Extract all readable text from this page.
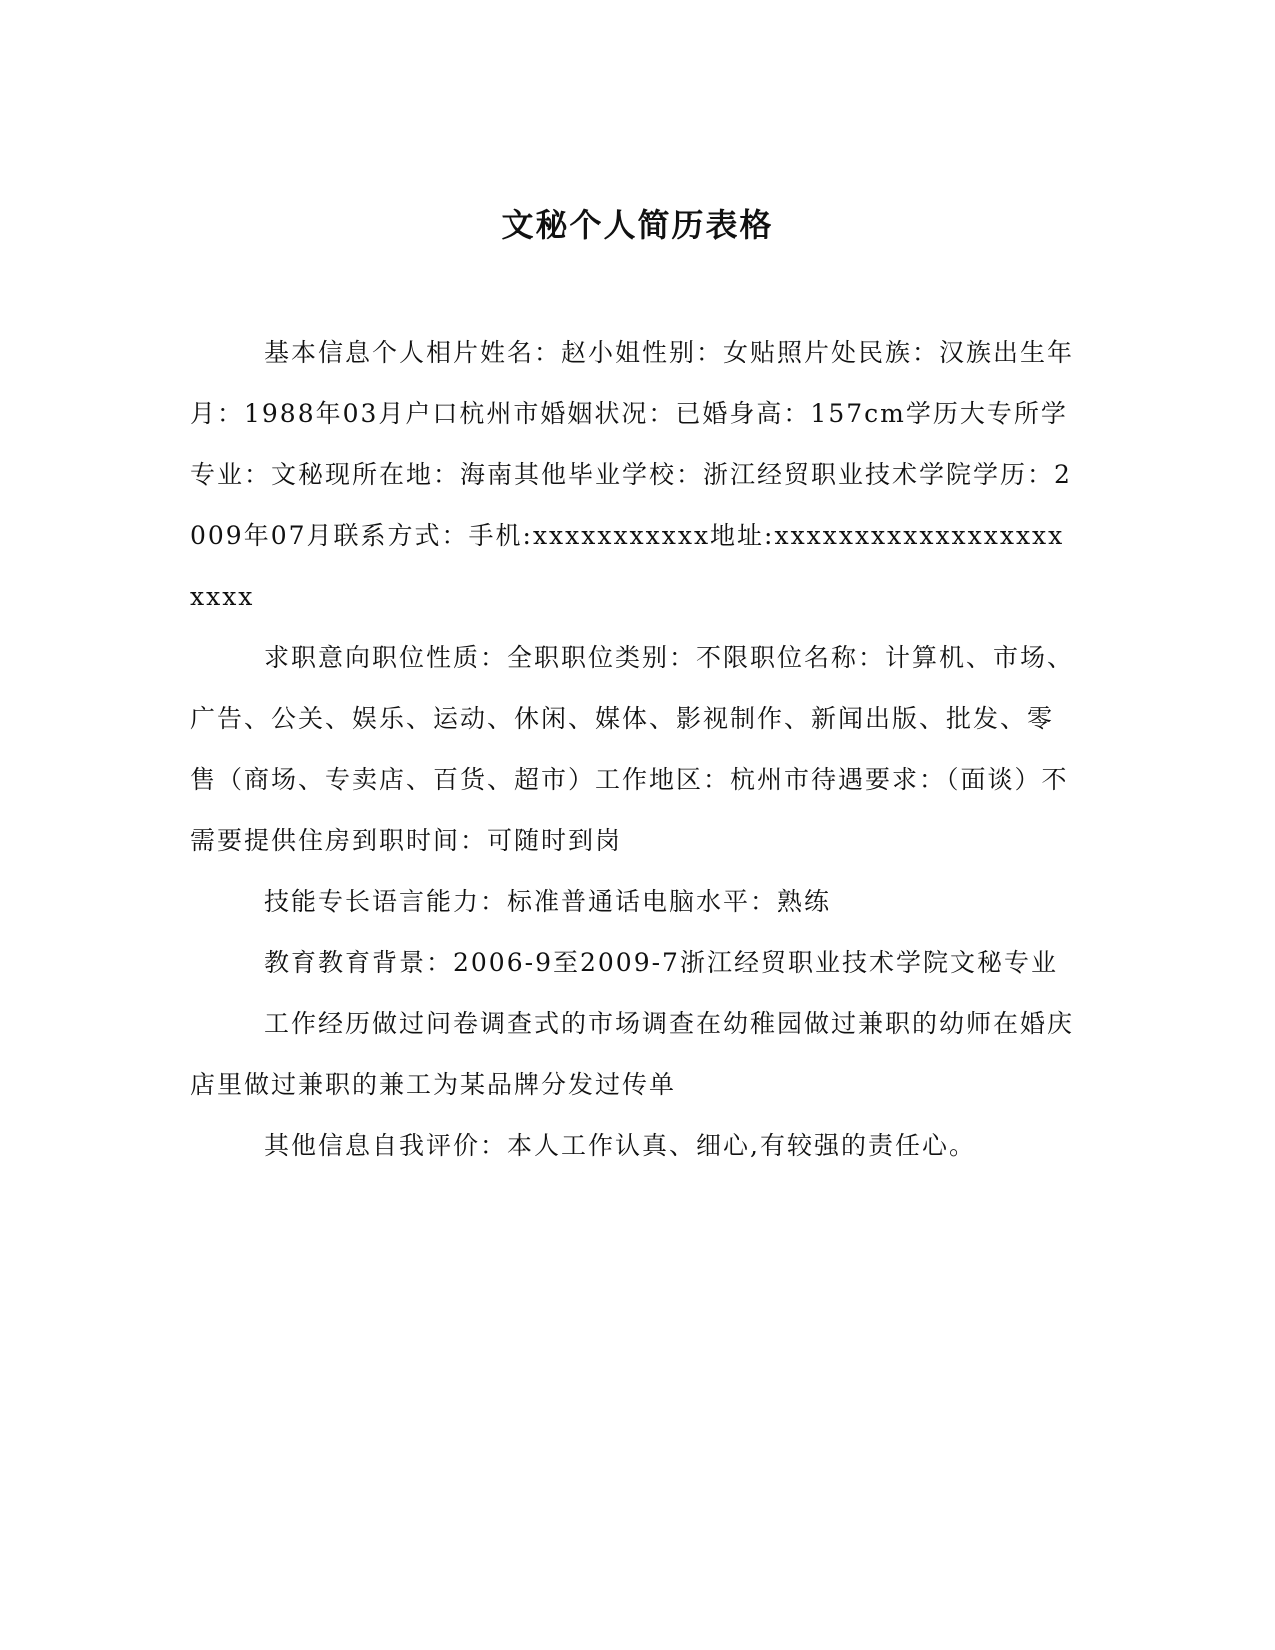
文秘个人简历表格

基本信息个人相片姓名：赵小姐性别：女贴照片处民族：汉族出生年月：1988年03月户口杭州市婚姻状况：已婚身高：157cm学历大专所学专业：文秘现所在地：海南其他毕业学校：浙江经贸职业技术学院学历：2009年07月联系方式：手机:xxxxxxxxxxx地址:xxxxxxxxxxxxxxxxxxxxxx

求职意向职位性质：全职职位类别：不限职位名称：计算机、市场、广告、公关、娱乐、运动、休闲、媒体、影视制作、新闻出版、批发、零售（商场、专卖店、百货、超市）工作地区：杭州市待遇要求：（面谈）不需要提供住房到职时间：可随时到岗

技能专长语言能力：标准普通话电脑水平：熟练

教育教育背景：2006-9至2009-7浙江经贸职业技术学院文秘专业

工作经历做过问卷调查式的市场调查在幼稚园做过兼职的幼师在婚庆店里做过兼职的兼工为某品牌分发过传单

其他信息自我评价：本人工作认真、细心,有较强的责任心。
